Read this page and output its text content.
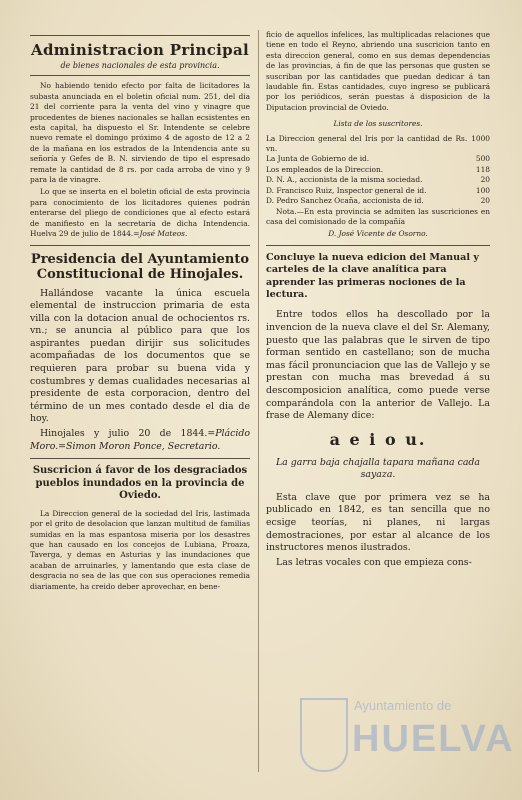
Administracion Principal
de bienes nacionales de esta provincia.

No habiendo tenido efecto por falta de licitadores la subasta anunciada en el boletin oficial num. 251, del dia 21 del corriente para la venta del vino y vinagre que procedentes de bienes nacionales se hallan ecsistentes en esta capital, ha dispuesto el Sr. Intendente se celebre nuevo remate el domingo próximo 4 de agosto de 12 a 2 de la mañana en los estrados de la Intendencia ante su señoría y Gefes de B. N. sirviendo de tipo el espresado remate la cantidad de 8 rs. por cada arroba de vino y 9 para la de vinagre.

Lo que se inserta en el boletin oficial de esta provincia para conocimiento de los licitadores quienes podrán enterarse del pliego de condiciones que al efecto estará de manifiesto en la secretaría de dicha Intendencia. Huelva 29 de julio de 1844.=José Mateos.

Presidencia del Ayuntamiento Constitucional de Hinojales.

Hallándose vacante la única escuela elemental de instruccion primaria de esta villa con la dotacion anual de ochocientos rs. vn.; se anuncia al público para que los aspirantes puedan dirijir sus solicitudes acompañadas de los documentos que se requieren para probar su buena vida y costumbres y demas cualidades necesarias al presidente de esta corporacion, dentro del término de un mes contado desde el dia de hoy.

Hinojales y julio 20 de 1844.=Plácido Moro.=Simon Moron Ponce, Secretario.

Suscricion á favor de los desgraciados pueblos inundados en la provincia de Oviedo.

La Direccion general de la sociedad del Iris, lastimada por el grito de desolacion que lanzan multitud de familias sumidas en la mas espantosa miseria por los desastres que han causado en los concejos de Lubiana, Proaza, Taverga, y demas en Asturias y las inundaciones que acaban de arruinarles, y lamentando que esta clase de desgracia no sea de las que con sus operaciones remedia diariamente, ha creido deber aprovechar, en bene-

ficio de aquellos infelices, las multiplicadas relaciones que tiene en todo el Reyno, abriendo una suscricion tanto en esta direccion general, como en sus demas dependencias de las provincias, á fin de que las personas que gusten se suscriban por las cantidades que puedan dedicar á tan laudable fin. Estas cantidades, cuyo ingreso se publicará por los periódicos, serán puestas á disposicion de la Diputacion provincial de Oviedo.

Lista de los suscritores.
La Direccion general del Iris por la cantidad de Rs. vn.
1000
La Junta de Gobierno de id.	500
Los empleados de la Direccion.	118
D. N. A., accionista de la misma sociedad.	20
D. Francisco Ruiz, Inspector general de id.	100
D. Pedro Sanchez Ocaña, accionista de id.	20

Nota.—En esta provincia se admiten las suscriciones en casa del comisionado de la compañía

D. José Vicente de Osorno.
Concluye la nueva edicion del Manual y carteles de la clave analítica para aprender las primeras nociones de la lectura.

Entre todos ellos ha descollado por la invencion de la nueva clave el del Sr. Alemany, puesto que las palabras que le sirven de tipo forman sentido en castellano; son de mucha mas fácil pronunciacion que las de Vallejo y se prestan con mucha mas brevedad á su descomposicion analítica, como puede verse comparándola con la anterior de Vallejo. La frase de Alemany dice:

a e i o u.
La garra baja chajalla tapara mañana cada sayaza.

Esta clave que por primera vez se ha publicado en 1842, es tan sencilla que no ecsige teorías, ni planes, ni largas demostraciones, por estar al alcance de los instructores menos ilustrados.

Las letras vocales con que empieza cons-

Ayuntamiento de
HUELVA
